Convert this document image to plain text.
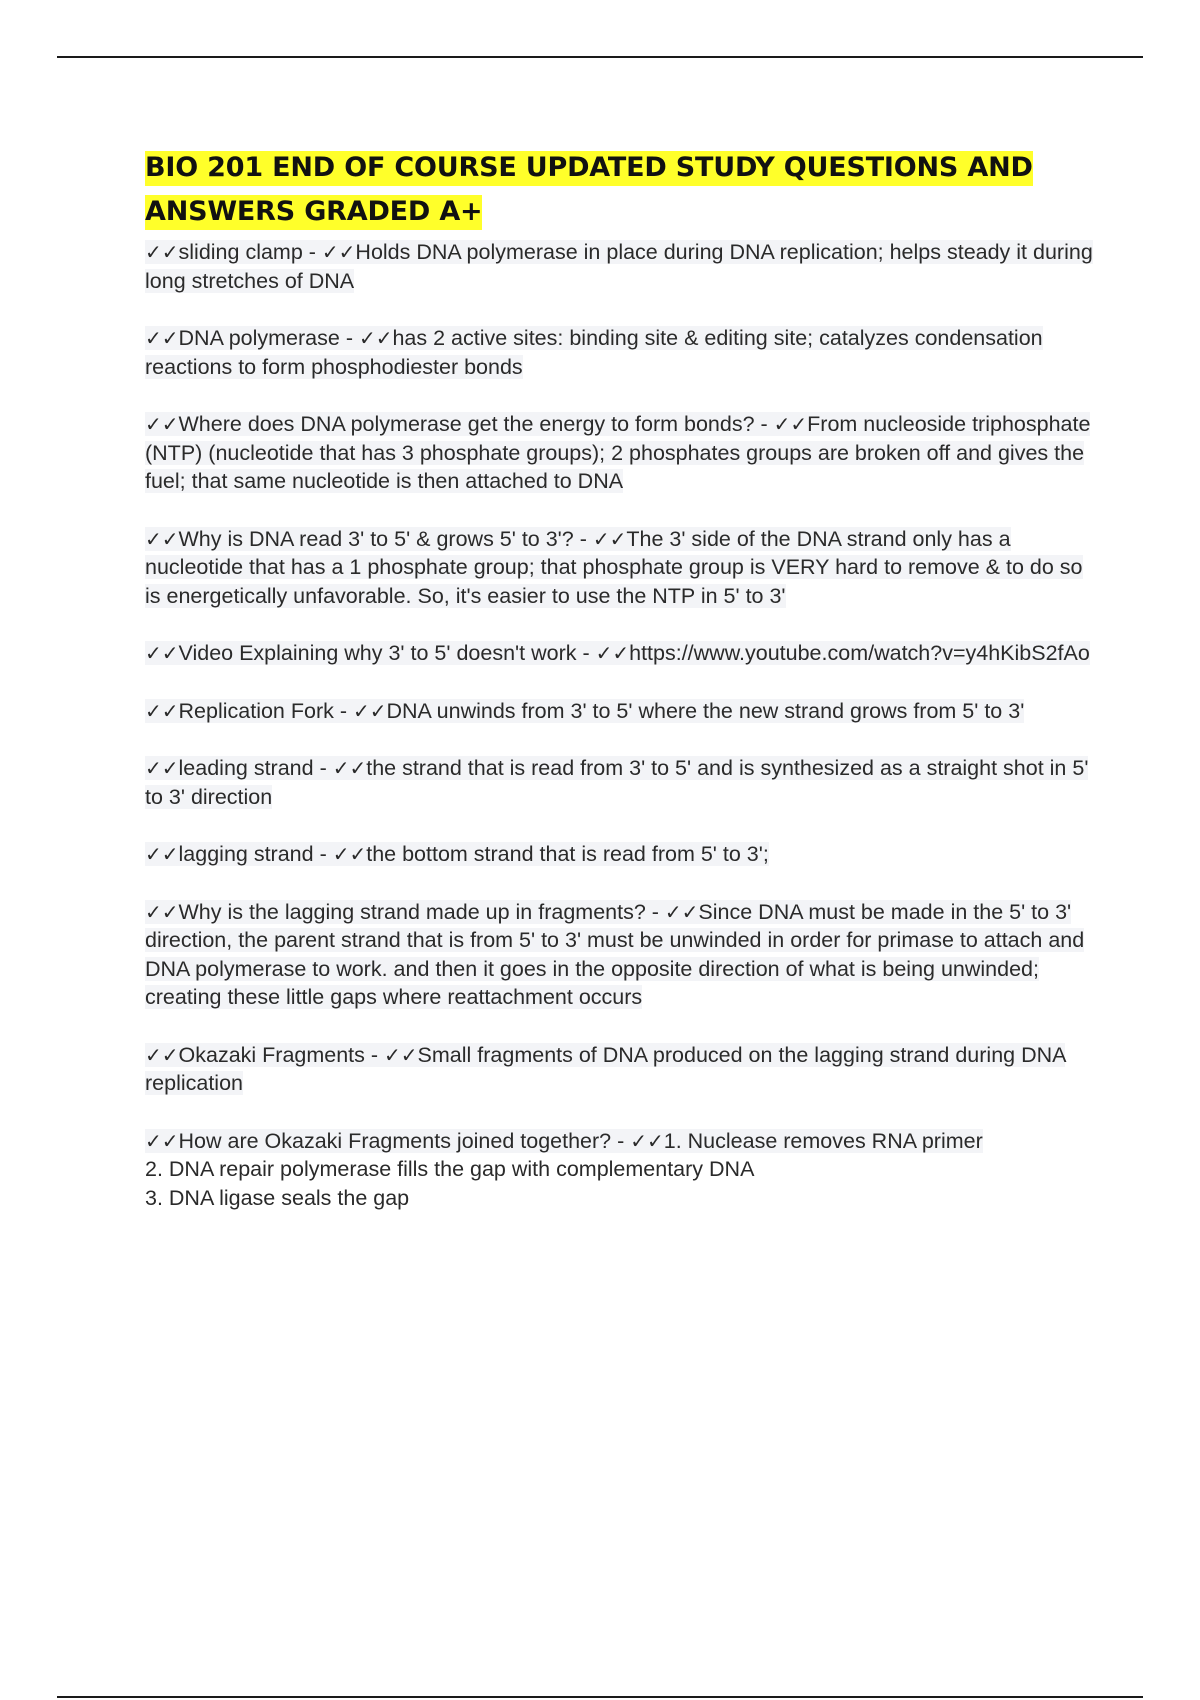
BIO 201 END OF COURSE UPDATED STUDY QUESTIONS AND ANSWERS GRADED A+

✓✓sliding clamp - ✓✓Holds DNA polymerase in place during DNA replication; helps steady it during long stretches of DNA

✓✓DNA polymerase - ✓✓has 2 active sites: binding site & editing site; catalyzes condensation reactions to form phosphodiester bonds

✓✓Where does DNA polymerase get the energy to form bonds? - ✓✓From nucleoside triphosphate (NTP) (nucleotide that has 3 phosphate groups); 2 phosphates groups are broken off and gives the fuel; that same nucleotide is then attached to DNA

✓✓Why is DNA read 3' to 5' & grows 5' to 3'? - ✓✓The 3' side of the DNA strand only has a nucleotide that has a 1 phosphate group; that phosphate group is VERY hard to remove & to do so is energetically unfavorable. So, it's easier to use the NTP in 5' to 3'

✓✓Video Explaining why 3' to 5' doesn't work - ✓✓https://www.youtube.com/watch?v=y4hKibS2fAo

✓✓Replication Fork - ✓✓DNA unwinds from 3' to 5' where the new strand grows from 5' to 3'

✓✓leading strand - ✓✓the strand that is read from 3' to 5' and is synthesized as a straight shot in 5' to 3' direction

✓✓lagging strand - ✓✓the bottom strand that is read from 5' to 3';

✓✓Why is the lagging strand made up in fragments? - ✓✓Since DNA must be made in the 5' to 3' direction, the parent strand that is from 5' to 3' must be unwinded in order for primase to attach and DNA polymerase to work. and then it goes in the opposite direction of what is being unwinded; creating these little gaps where reattachment occurs

✓✓Okazaki Fragments - ✓✓Small fragments of DNA produced on the lagging strand during DNA replication

✓✓How are Okazaki Fragments joined together? - ✓✓1. Nuclease removes RNA primer
2. DNA repair polymerase fills the gap with complementary DNA
3. DNA ligase seals the gap
